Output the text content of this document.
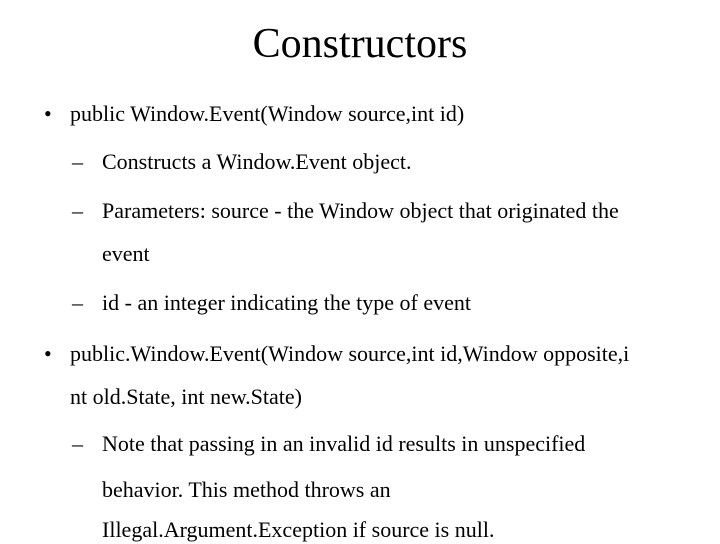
Constructors
• public Window.Event(Window source,int id)
– Constructs a Window.Event object.
– Parameters: source - the Window object that originated the
event
– id - an integer indicating the type of event
• public.Window.Event(Window source,int id,Window opposite,i
nt old.State, int new.State)
– Note that passing in an invalid id results in unspecified
behavior. This method throws an
Illegal.Argument.Exception if source is null.
